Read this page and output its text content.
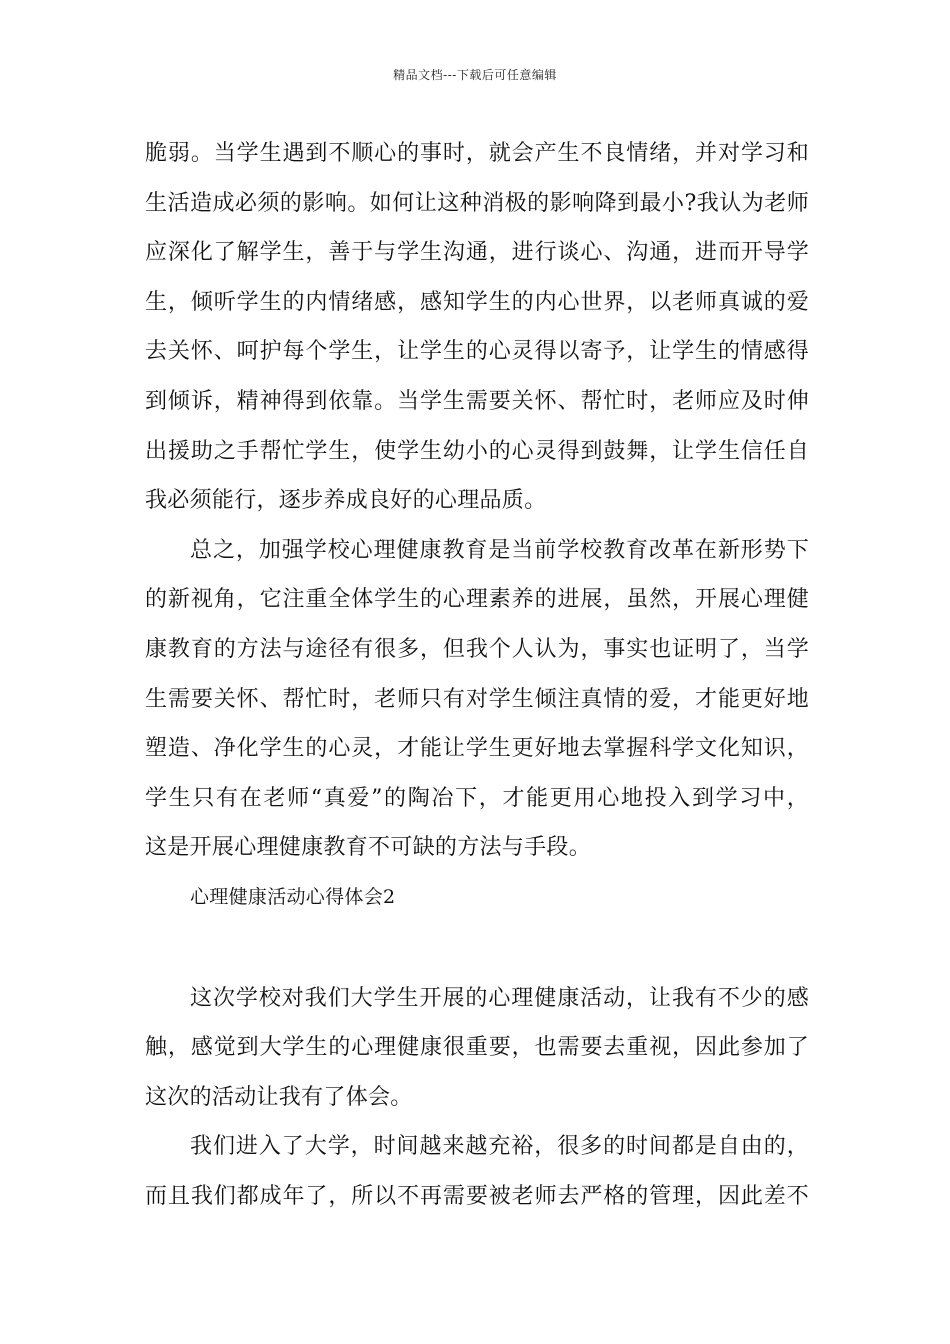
精品文档---下载后可任意编辑
脆弱。当学生遇到不顺心的事时，就会产生不良情绪，并对学习和
生活造成必须的影响。如何让这种消极的影响降到最小?我认为老师
应深化了解学生，善于与学生沟通，进行谈心、沟通，进而开导学
生，倾听学生的内情绪感，感知学生的内心世界，以老师真诚的爱
去关怀、呵护每个学生，让学生的心灵得以寄予，让学生的情感得
到倾诉，精神得到依靠。当学生需要关怀、帮忙时，老师应及时伸
出援助之手帮忙学生，使学生幼小的心灵得到鼓舞，让学生信任自
我必须能行，逐步养成良好的心理品质。
总之，加强学校心理健康教育是当前学校教育改革在新形势下
的新视角，它注重全体学生的心理素养的进展，虽然，开展心理健
康教育的方法与途径有很多，但我个人认为，事实也证明了，当学
生需要关怀、帮忙时，老师只有对学生倾注真情的爱，才能更好地
塑造、净化学生的心灵，才能让学生更好地去掌握科学文化知识，
学生只有在老师“真爱”的陶冶下，才能更用心地投入到学习中，
这是开展心理健康教育不可缺的方法与手段。
心理健康活动心得体会2
这次学校对我们大学生开展的心理健康活动，让我有不少的感
触，感觉到大学生的心理健康很重要，也需要去重视，因此参加了
这次的活动让我有了体会。
我们进入了大学，时间越来越充裕，很多的时间都是自由的，
而且我们都成年了，所以不再需要被老师去严格的管理，因此差不
